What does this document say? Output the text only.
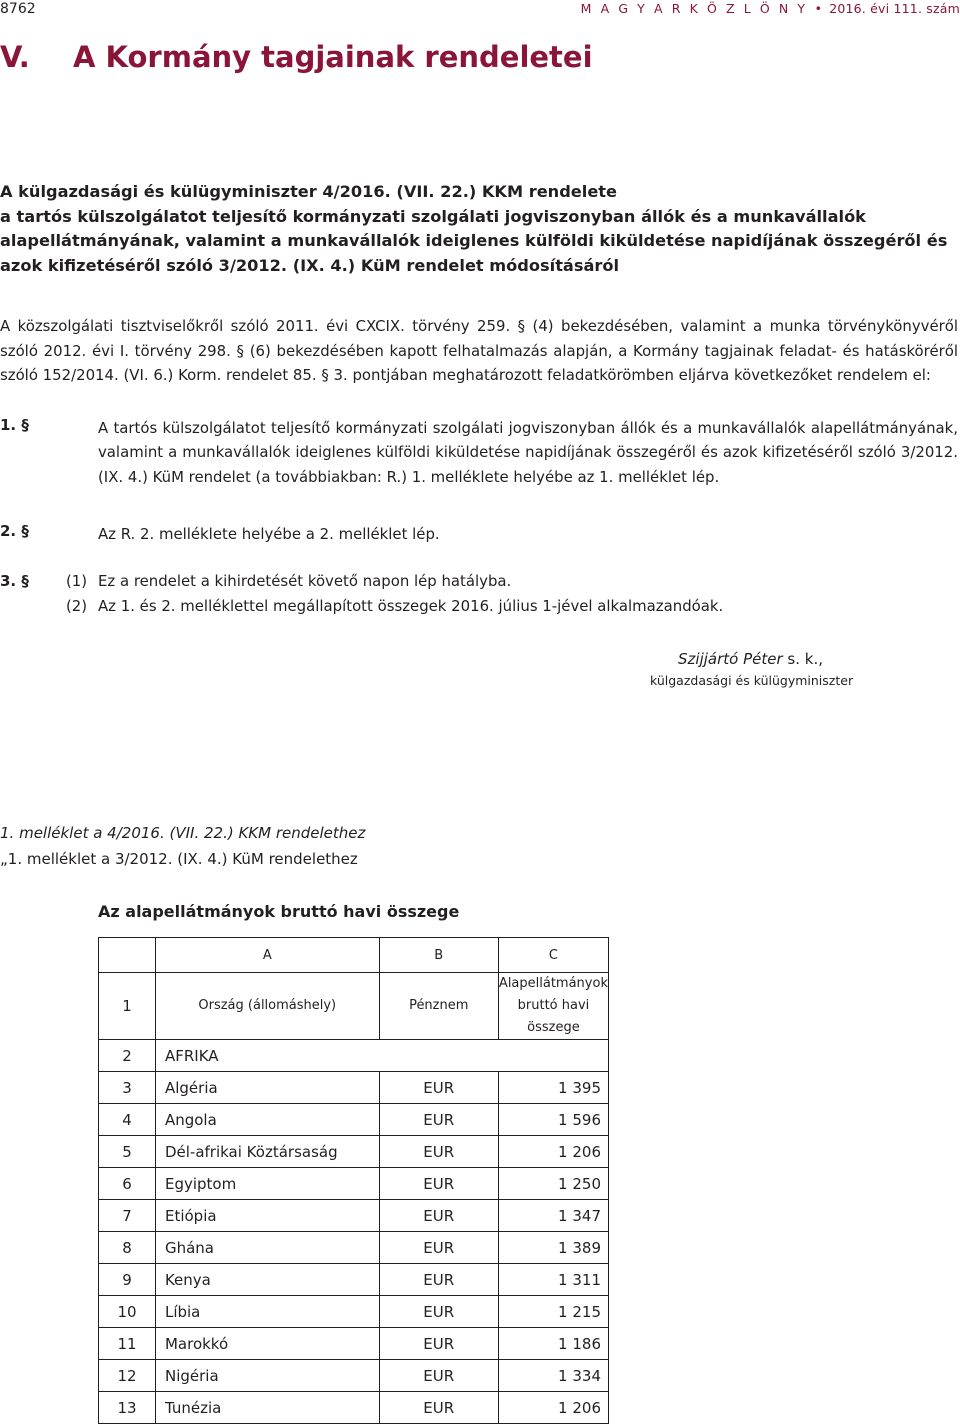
8762	M A G Y A R K Ö Z L Ö N Y • 2016. évi 111. szám
V. A Kormány tagjainak rendeletei
A külgazdasági és külügyminiszter 4/2016. (VII. 22.) KKM rendelete
a tartós külszolgálatot teljesítő kormányzati szolgálati jogviszonyban állók és a munkavállalók
alapellátmányának, valamint a munkavállalók ideiglenes külföldi kiküldetése napidíjának összegéről és
azok kifizetéséről szóló 3/2012. (IX. 4.) KüM rendelet módosításáról
A közszolgálati tisztviselőkről szóló 2011. évi CXCIX. törvény 259. § (4) bekezdésében, valamint a munka törvénykönyvéről szóló 2012. évi I. törvény 298. § (6) bekezdésében kapott felhatalmazás alapján, a Kormány tagjainak feladat- és hatásköréről szóló 152/2014. (VI. 6.) Korm. rendelet 85. § 3. pontjában meghatározott feladatkörömben eljárva következőket rendelem el:
1. §	A tartós külszolgálatot teljesítő kormányzati szolgálati jogviszonyban állók és a munkavállalók alapellátmányának, valamint a munkavállalók ideiglenes külföldi kiküldetése napidíjának összegéről és azok kifizetéséről szóló 3/2012. (IX. 4.) KüM rendelet (a továbbiakban: R.) 1. melléklete helyébe az 1. melléklet lép.
2. §	Az R. 2. melléklete helyébe a 2. melléklet lép.
3. § (1) Ez a rendelet a kihirdetését követő napon lép hatályba.
(2) Az 1. és 2. melléklettel megállapított összegek 2016. július 1-jével alkalmazandóak.
Szijjártó Péter s. k.,
külgazdasági és külügyminiszter
1. melléklet a 4/2016. (VII. 22.) KKM rendelethez
„1. melléklet a 3/2012. (IX. 4.) KüM rendelethez
Az alapellátmányok bruttó havi összege
	A	B	C
1	Ország (állomáshely)	Pénznem	Alapellátmányok
bruttó havi összege

2	AFRIKA		
3	Algéria	EUR	1 395
4	Angola	EUR	1 596
5	Dél-afrikai Köztársaság	EUR	1 206
6	Egyiptom	EUR	1 250
7	Etiópia	EUR	1 347
8	Ghána	EUR	1 389
9	Kenya	EUR	1 311
10	Líbia	EUR	1 215
11	Marokkó	EUR	1 186
12	Nigéria	EUR	1 334
13	Tunézia	EUR	1 206
